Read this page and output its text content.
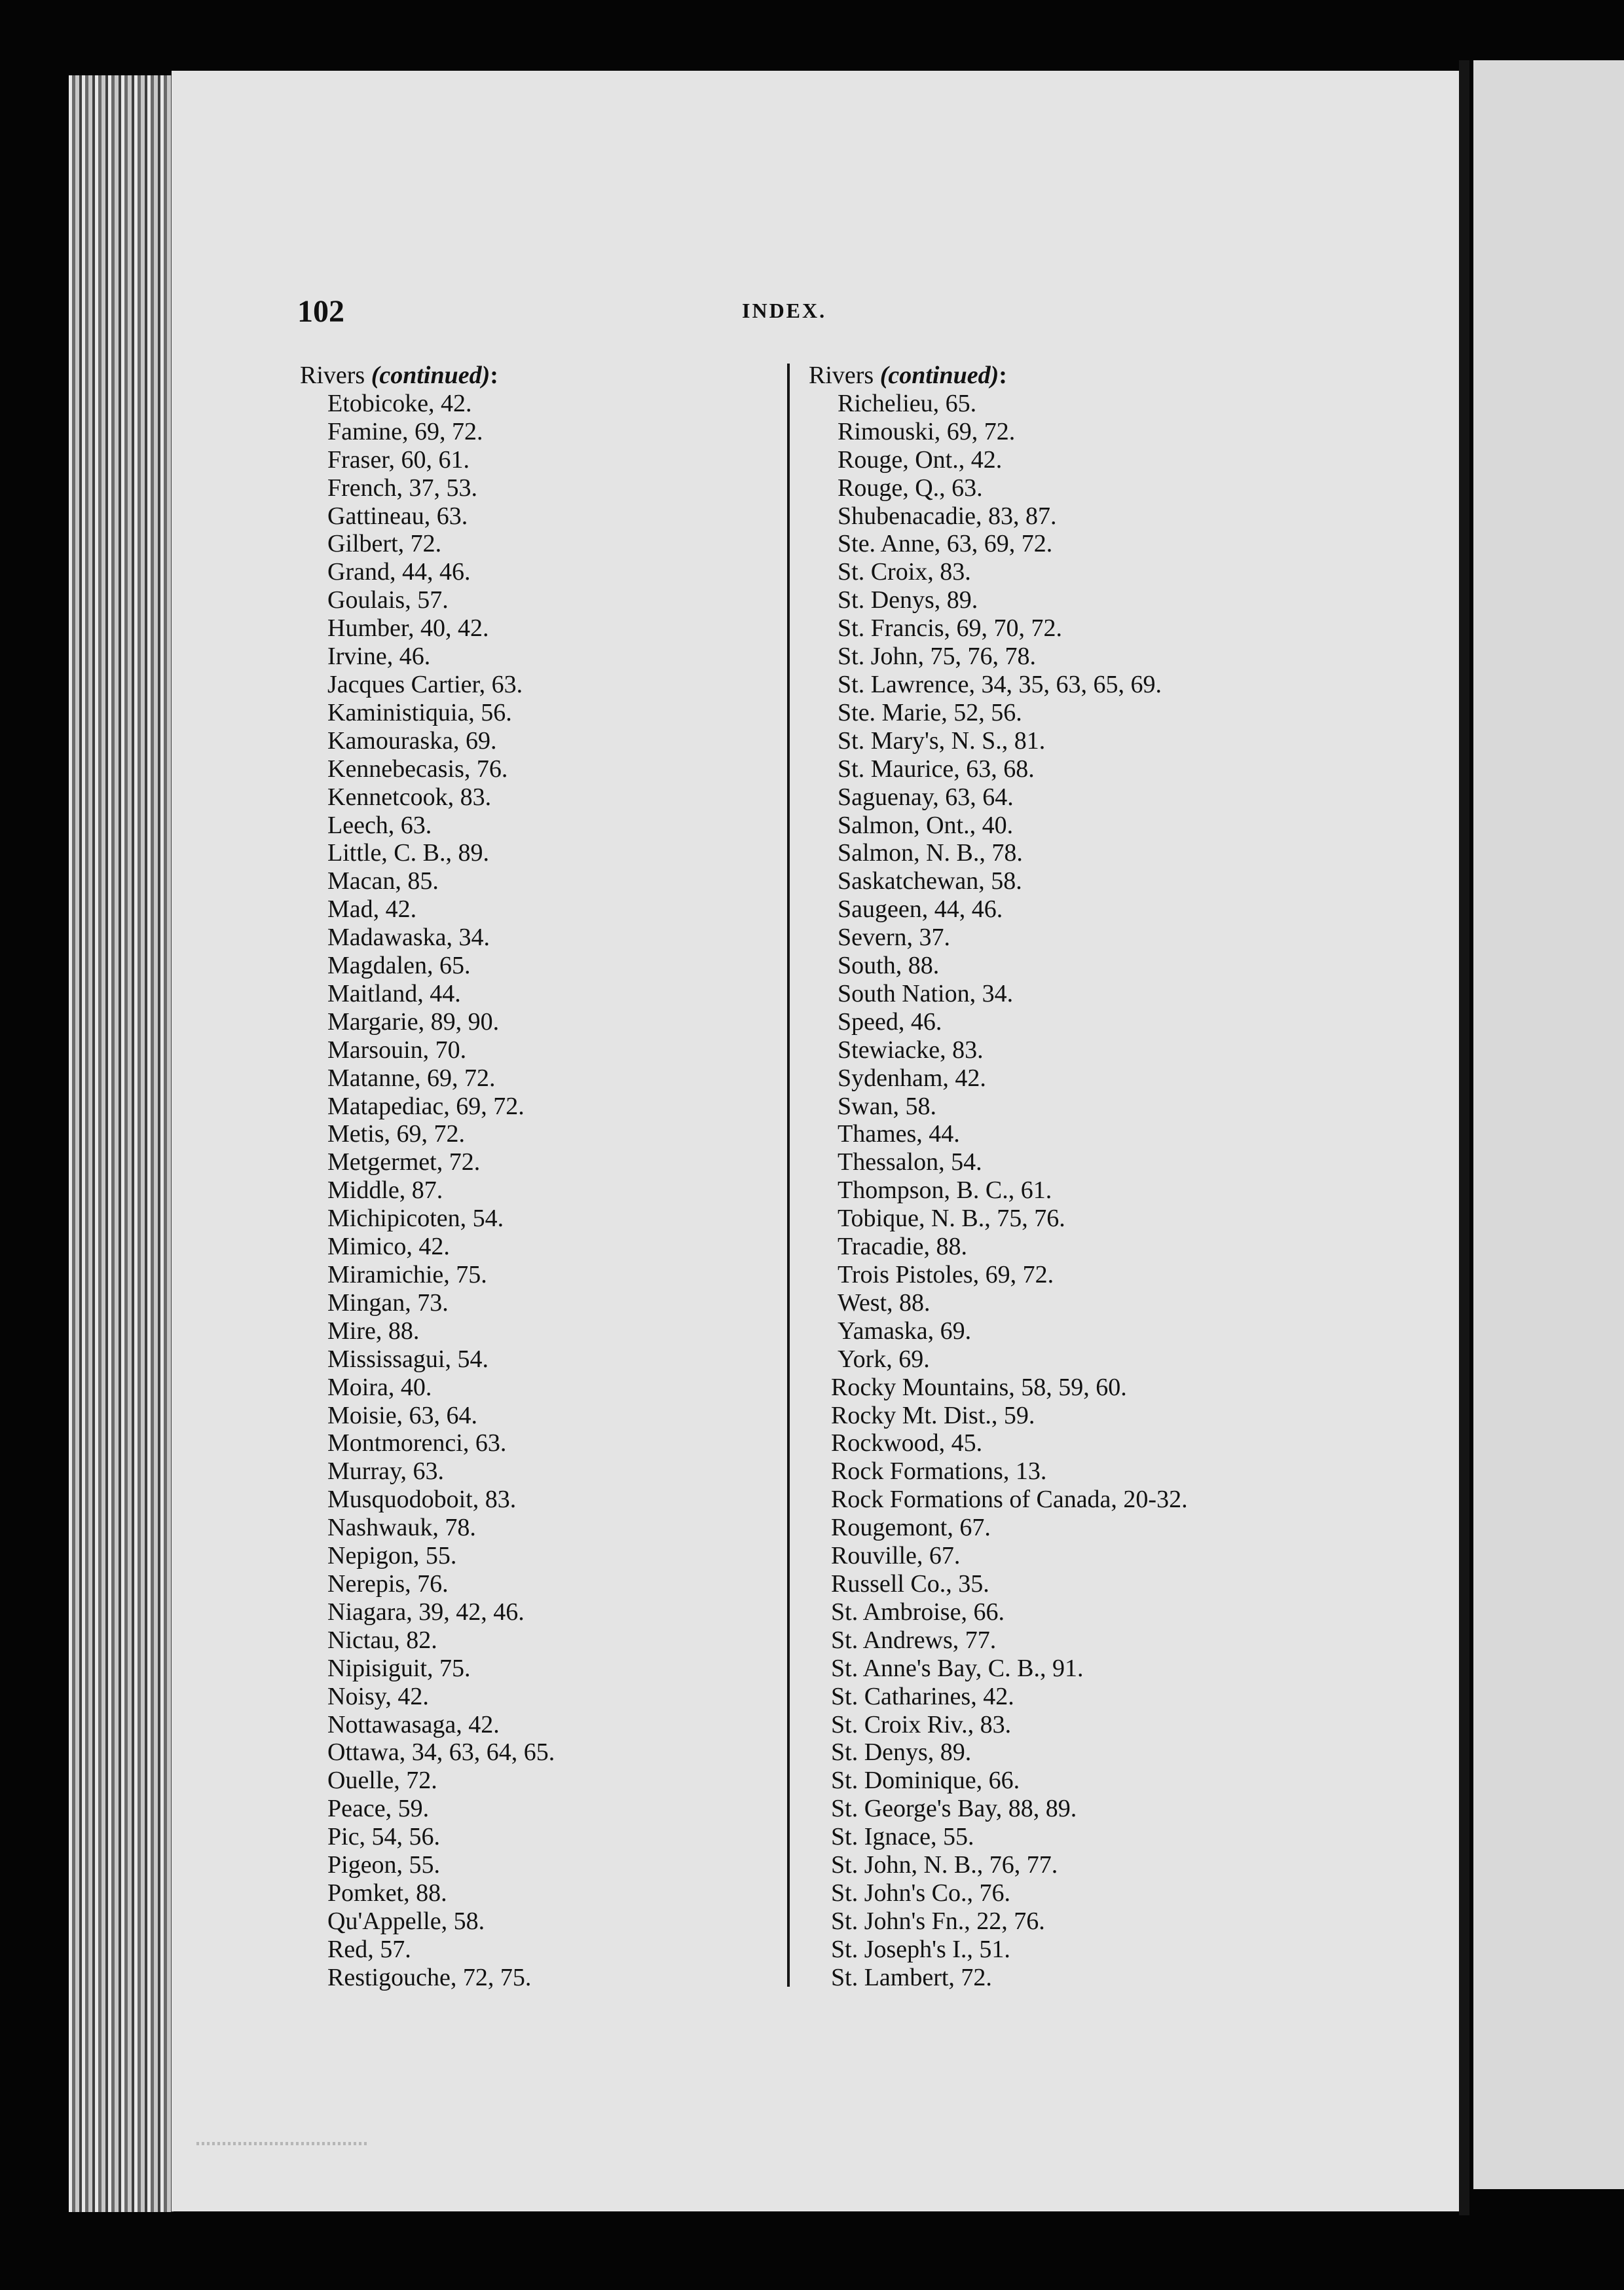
102	INDEX.
Rivers (continued):
Etobicoke, 42.
Famine, 69, 72.
Fraser, 60, 61.
French, 37, 53.
Gattineau, 63.
Gilbert, 72.
Grand, 44, 46.
Goulais, 57.
Humber, 40, 42.
Irvine, 46.
Jacques Cartier, 63.
Kaministiquia, 56.
Kamouraska, 69.
Kennebecasis, 76.
Kennetcook, 83.
Leech, 63.
Little, C. B., 89.
Macan, 85.
Mad, 42.
Madawaska, 34.
Magdalen, 65.
Maitland, 44.
Margarie, 89, 90.
Marsouin, 70.
Matanne, 69, 72.
Matapediac, 69, 72.
Metis, 69, 72.
Metgermet, 72.
Middle, 87.
Michipicoten, 54.
Mimico, 42.
Miramichie, 75.
Mingan, 73.
Mire, 88.
Mississagui, 54.
Moira, 40.
Moisie, 63, 64.
Montmorenci, 63.
Murray, 63.
Musquodoboit, 83.
Nashwauk, 78.
Nepigon, 55.
Nerepis, 76.
Niagara, 39, 42, 46.
Nictau, 82.
Nipisiguit, 75.
Noisy, 42.
Nottawasaga, 42.
Ottawa, 34, 63, 64, 65.
Ouelle, 72.
Peace, 59.
Pic, 54, 56.
Pigeon, 55.
Pomket, 88.
Qu'Appelle, 58.
Red, 57.
Restigouche, 72, 75.
Rivers (continued):
Richelieu, 65.
Rimouski, 69, 72.
Rouge, Ont., 42.
Rouge, Q., 63.
Shubenacadie, 83, 87.
Ste. Anne, 63, 69, 72.
St. Croix, 83.
St. Denys, 89.
St. Francis, 69, 70, 72.
St. John, 75, 76, 78.
St. Lawrence, 34, 35, 63, 65, 69.
Ste. Marie, 52, 56.
St. Mary's, N. S., 81.
St. Maurice, 63, 68.
Saguenay, 63, 64.
Salmon, Ont., 40.
Salmon, N. B., 78.
Saskatchewan, 58.
Saugeen, 44, 46.
Severn, 37.
South, 88.
South Nation, 34.
Speed, 46.
Stewiacke, 83.
Sydenham, 42.
Swan, 58.
Thames, 44.
Thessalon, 54.
Thompson, B. C., 61.
Tobique, N. B., 75, 76.
Tracadie, 88.
Trois Pistoles, 69, 72.
West, 88.
Yamaska, 69.
York, 69.
Rocky Mountains, 58, 59, 60.
Rocky Mt. Dist., 59.
Rockwood, 45.
Rock Formations, 13.
Rock Formations of Canada, 20-32.
Rougemont, 67.
Rouville, 67.
Russell Co., 35.
St. Ambroise, 66.
St. Andrews, 77.
St. Anne's Bay, C. B., 91.
St. Catharines, 42.
St. Croix Riv., 83.
St. Denys, 89.
St. Dominique, 66.
St. George's Bay, 88, 89.
St. Ignace, 55.
St. John, N. B., 76, 77.
St. John's Co., 76.
St. John's Fn., 22, 76.
St. Joseph's I., 51.
St. Lambert, 72.
